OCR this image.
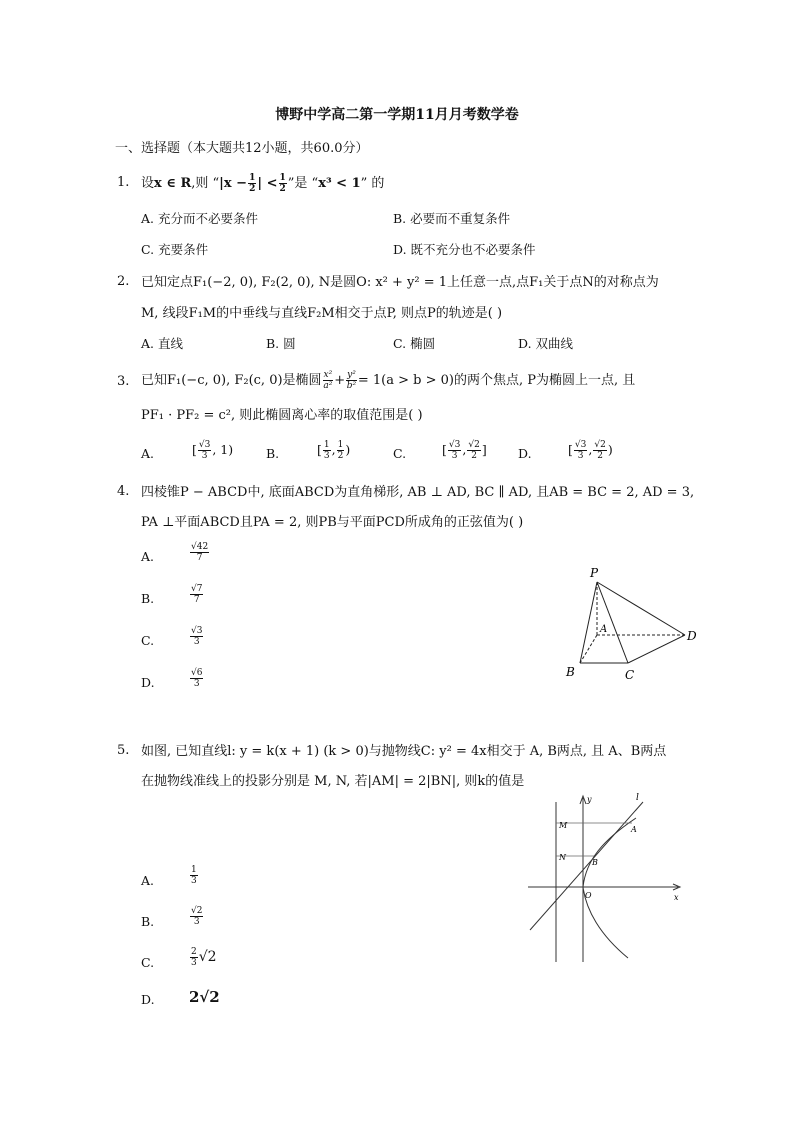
博野中学高二第一学期11月月考数学卷
一、选择题（本大题共12小题，共60.0分）
1. 设x ∈ R,则 “$|x - \frac{1}{2}$ | < $\frac{1}{2}$ ”是 “x³ < 1” 的
A. 充分而不必要条件	B. 必要而不重复条件
C. 充要条件	D. 既不充分也不必要条件
2. 已知定点F₁(−2, 0), F₂(2, 0), N是圆O: x² + y² = 1上任意一点,点F₁关于点N的对称点为
M, 线段F₁M的中垂线与直线F₂M相交于点P, 则点P的轨迹是( )
A. 直线	B. 圆	C. 椭圆	D. 双曲线
3. 已知F₁(−c, 0), F₂(c, 0)是椭圆 $\frac{\text{x²}}{\text{a²}} + \frac{\text{y²}}{\text{b²}} = 1(a > b > 0)$的两个焦点, P为椭圆上一点, 且
PF₁ · PF₂ = c², 则此椭圆离心率的取值范围是( )
A.	[ $\frac{√3}{3}$ , 1)	B.	[ $\frac{1}{3}$ , $\frac{1}{2}$ )	C.	[ $\frac{√3}{3}$ , $\frac{√2}{2}$ ]	D.	[ $\frac{√3}{3}$ , $\frac{√2}{2}$ )
4. 四棱锥P − ABCD中, 底面ABCD为直角梯形, AB ⊥ AD, BC ∥ AD, 且AB = BC = 2, AD = 3,
PA ⊥平面ABCD且PA = 2, 则PB与平面PCD所成角的正弦值为( )
A.	$\frac{√42}{7}$
B.	$\frac{√7}{7}$
C.	$\frac{√3}{3}$
D.	$\frac{√6}{3}$
P
A
B	C
D
5. 如图, 已知直线l: y = k(x + 1) (k > 0)与抛物线C: y² = 4x相交于 A, B两点, 且 A、B两点
在抛物线准线上的投影分别是 M, N, 若|AM| = 2|BN|, 则k的值是
A.	$\frac{1}{3}$
B.	$\frac{√2}{3}$
C.	$\frac{2}{3} √2$
D. 2√2
y
x
l
M
N
A
B
O
